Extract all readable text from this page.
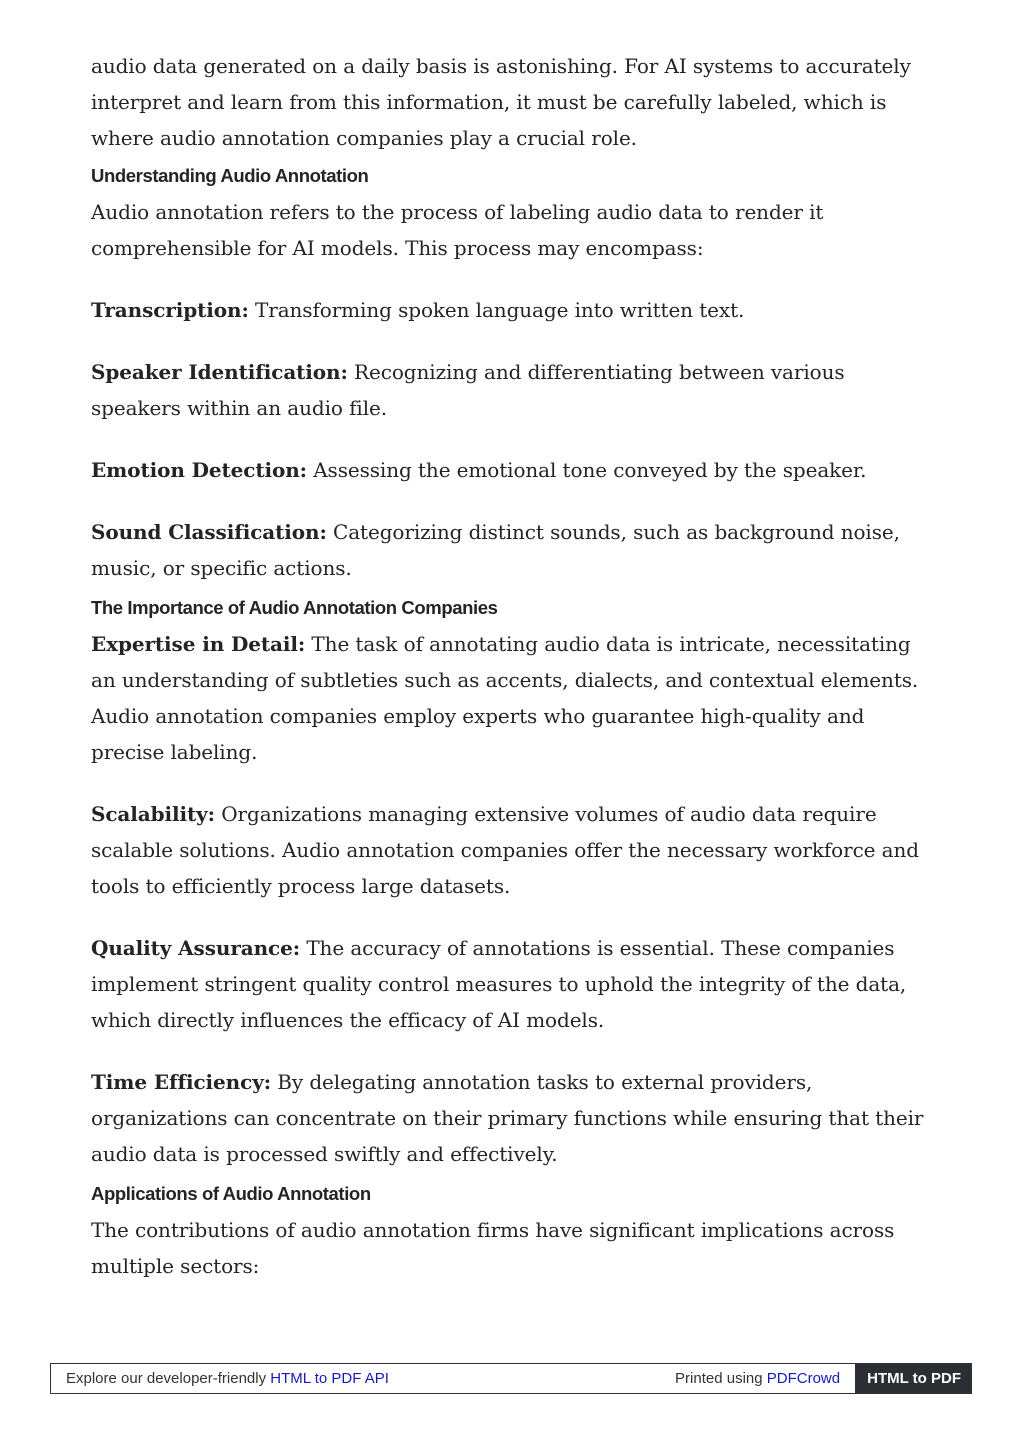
audio data generated on a daily basis is astonishing. For AI systems to accurately interpret and learn from this information, it must be carefully labeled, which is where audio annotation companies play a crucial role.

Understanding Audio Annotation

Audio annotation refers to the process of labeling audio data to render it comprehensible for AI models. This process may encompass:

Transcription: Transforming spoken language into written text.

Speaker Identification: Recognizing and differentiating between various speakers within an audio file.

Emotion Detection: Assessing the emotional tone conveyed by the speaker.

Sound Classification: Categorizing distinct sounds, such as background noise, music, or specific actions.

The Importance of Audio Annotation Companies

Expertise in Detail: The task of annotating audio data is intricate, necessitating an understanding of subtleties such as accents, dialects, and contextual elements. Audio annotation companies employ experts who guarantee high-quality and precise labeling.

Scalability: Organizations managing extensive volumes of audio data require scalable solutions. Audio annotation companies offer the necessary workforce and tools to efficiently process large datasets.

Quality Assurance: The accuracy of annotations is essential. These companies implement stringent quality control measures to uphold the integrity of the data, which directly influences the efficacy of AI models.

Time Efficiency: By delegating annotation tasks to external providers, organizations can concentrate on their primary functions while ensuring that their audio data is processed swiftly and effectively.

Applications of Audio Annotation

The contributions of audio annotation firms have significant implications across multiple sectors:

Explore our developer-friendly HTML to PDF API	Printed using PDFCrowd	HTML to PDF
